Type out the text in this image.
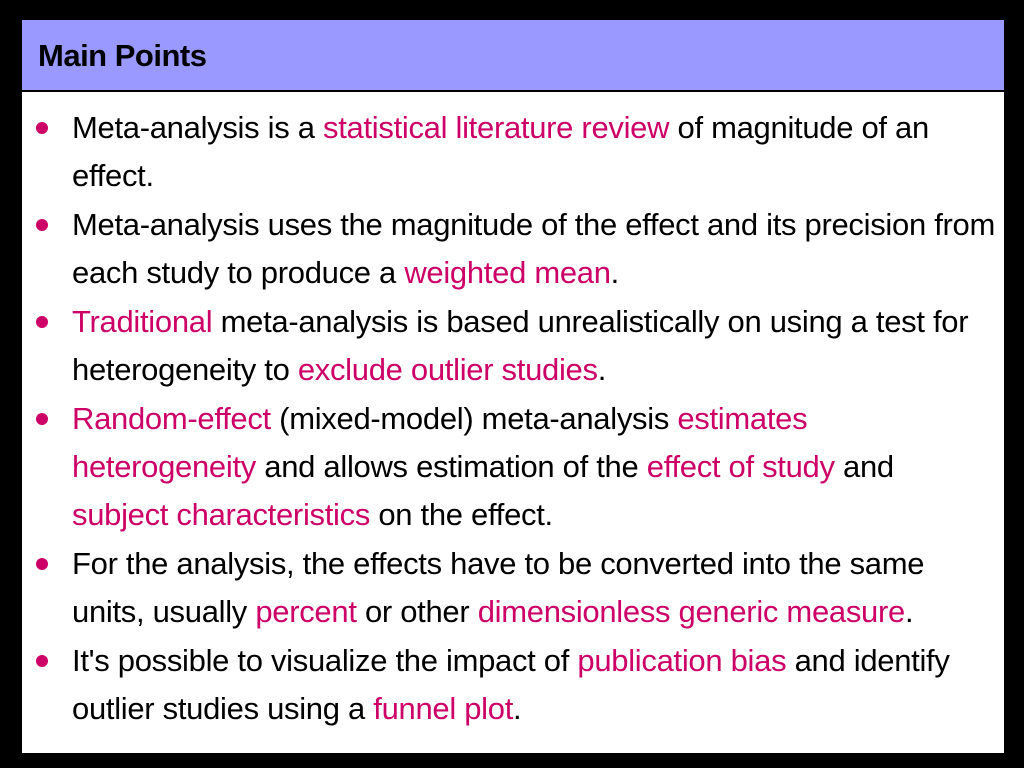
Main Points
Meta-analysis is a statistical literature review of magnitude of an effect.
Meta-analysis uses the magnitude of the effect and its precision from each study to produce a weighted mean.
Traditional meta-analysis is based unrealistically on using a test for heterogeneity to exclude outlier studies.
Random-effect (mixed-model) meta-analysis estimates heterogeneity and allows estimation of the effect of study and subject characteristics on the effect.
For the analysis, the effects have to be converted into the same units, usually percent or other dimensionless generic measure.
It's possible to visualize the impact of publication bias and identify outlier studies using a funnel plot.
